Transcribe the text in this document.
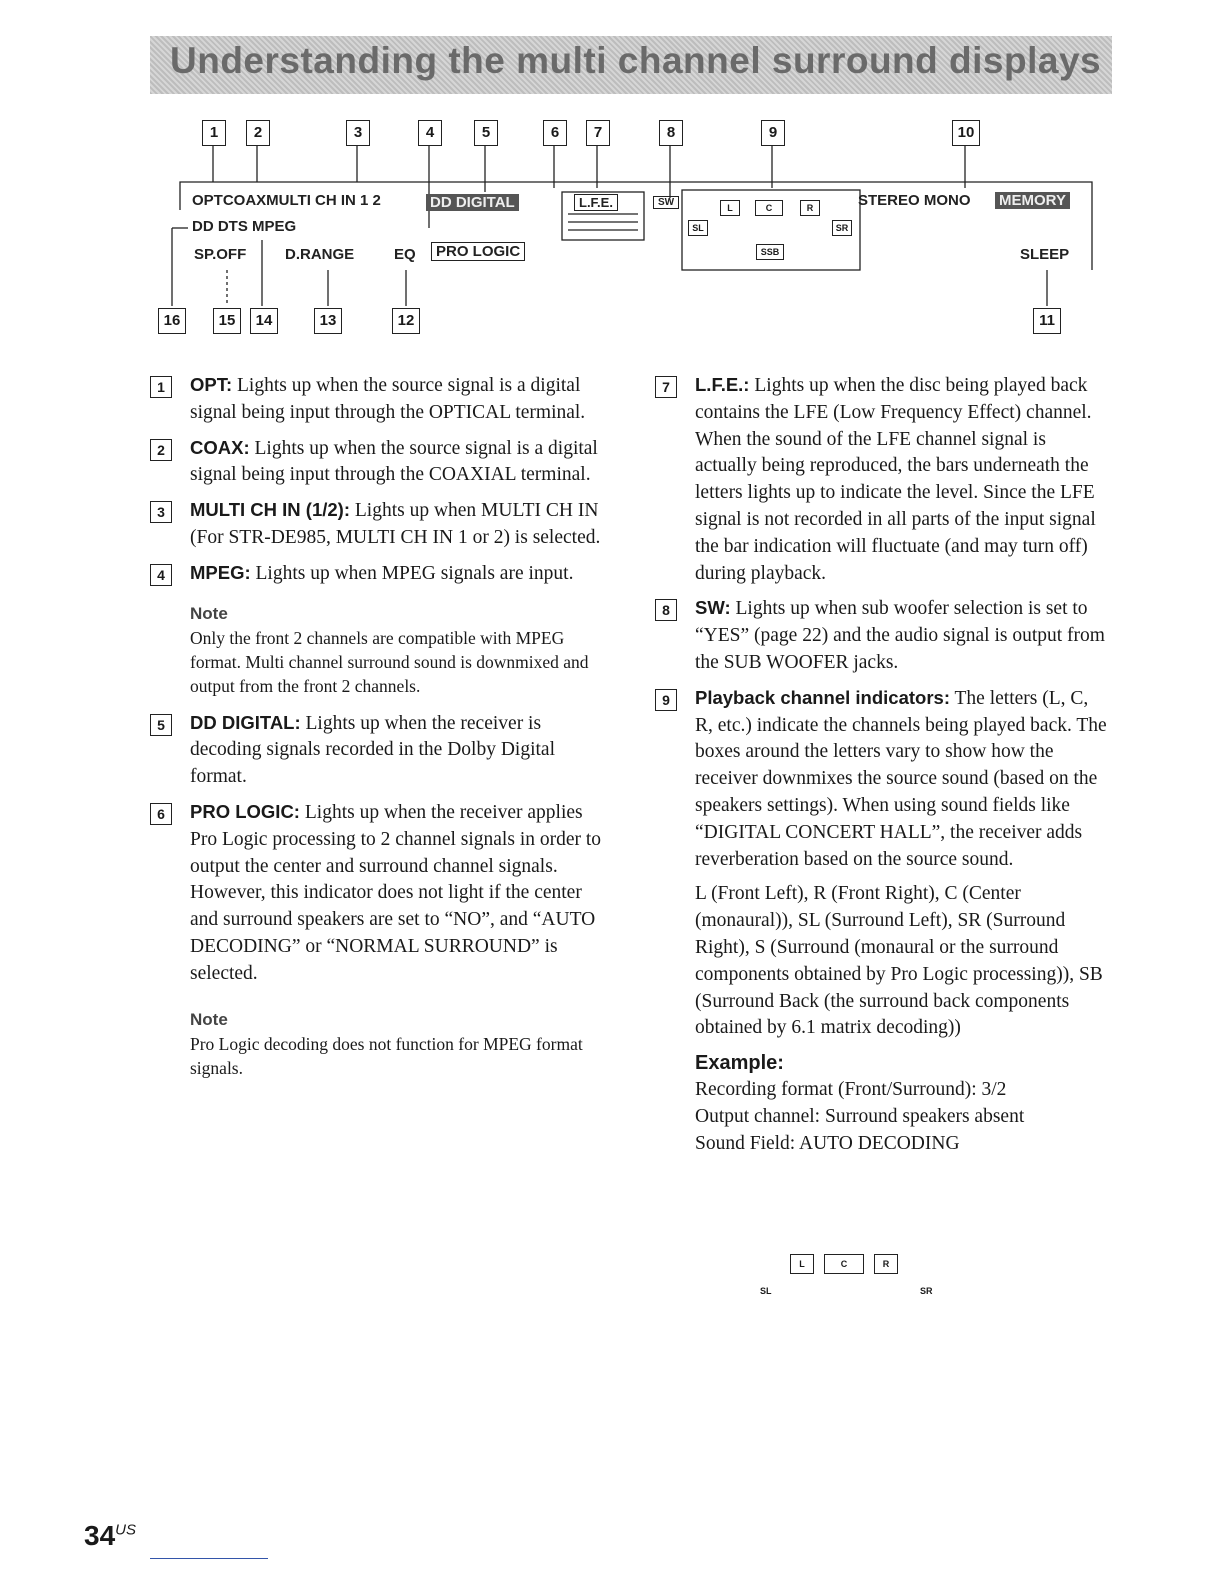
Understanding the multi channel surround displays
1	2	3	4	5	6	7	8	9	10
16	15	14	13	12	11
OPTCOAXMULTI CH IN 1 2	DD DIGITAL	L.F.E.	SW	STEREO MONO MEMORY
DD DTS MPEG
SP.OFF	D.RANGE	EQ	PRO LOGIC	SLEEP
L	C	R
SL	SR
SSB
1	OPT: Lights up when the source signal is a digital signal being input through the OPTICAL terminal.
2	COAX: Lights up when the source signal is a digital signal being input through the COAXIAL terminal.
3	MULTI CH IN (1/2): Lights up when MULTI CH IN (For STR-DE985, MULTI CH IN 1 or 2) is selected.
4	MPEG: Lights up when MPEG signals are input.
Note
Only the front 2 channels are compatible with MPEG format. Multi channel surround sound is downmixed and output from the front 2 channels.
5	DD DIGITAL: Lights up when the receiver is decoding signals recorded in the Dolby Digital format.
6	PRO LOGIC: Lights up when the receiver applies Pro Logic processing to 2 channel signals in order to output the center and surround channel signals. However, this indicator does not light if the center and surround speakers are set to “NO”, and “AUTO DECODING” or “NORMAL SURROUND” is selected.
Note
Pro Logic decoding does not function for MPEG format signals.
7	L.F.E.: Lights up when the disc being played back contains the LFE (Low Frequency Effect) channel. When the sound of the LFE channel signal is actually being reproduced, the bars underneath the letters lights up to indicate the level. Since the LFE signal is not recorded in all parts of the input signal the bar indication will fluctuate (and may turn off) during playback.
8	SW: Lights up when sub woofer selection is set to “YES” (page 22) and the audio signal is output from the SUB WOOFER jacks.
9	Playback channel indicators: The letters (L, C, R, etc.) indicate the channels being played back. The boxes around the letters vary to show how the receiver downmixes the source sound (based on the speakers settings). When using sound fields like “DIGITAL CONCERT HALL”, the receiver adds reverberation based on the source sound.
L (Front Left), R (Front Right), C (Center (monaural)), SL (Surround Left), SR (Surround Right), S (Surround (monaural or the surround components obtained by Pro Logic processing)), SB (Surround Back (the surround back components obtained by 6.1 matrix decoding))
Example:
Recording format (Front/Surround): 3/2
Output channel: Surround speakers absent
Sound Field: AUTO DECODING
L	C	R
SL	SR
$34^{US}$
